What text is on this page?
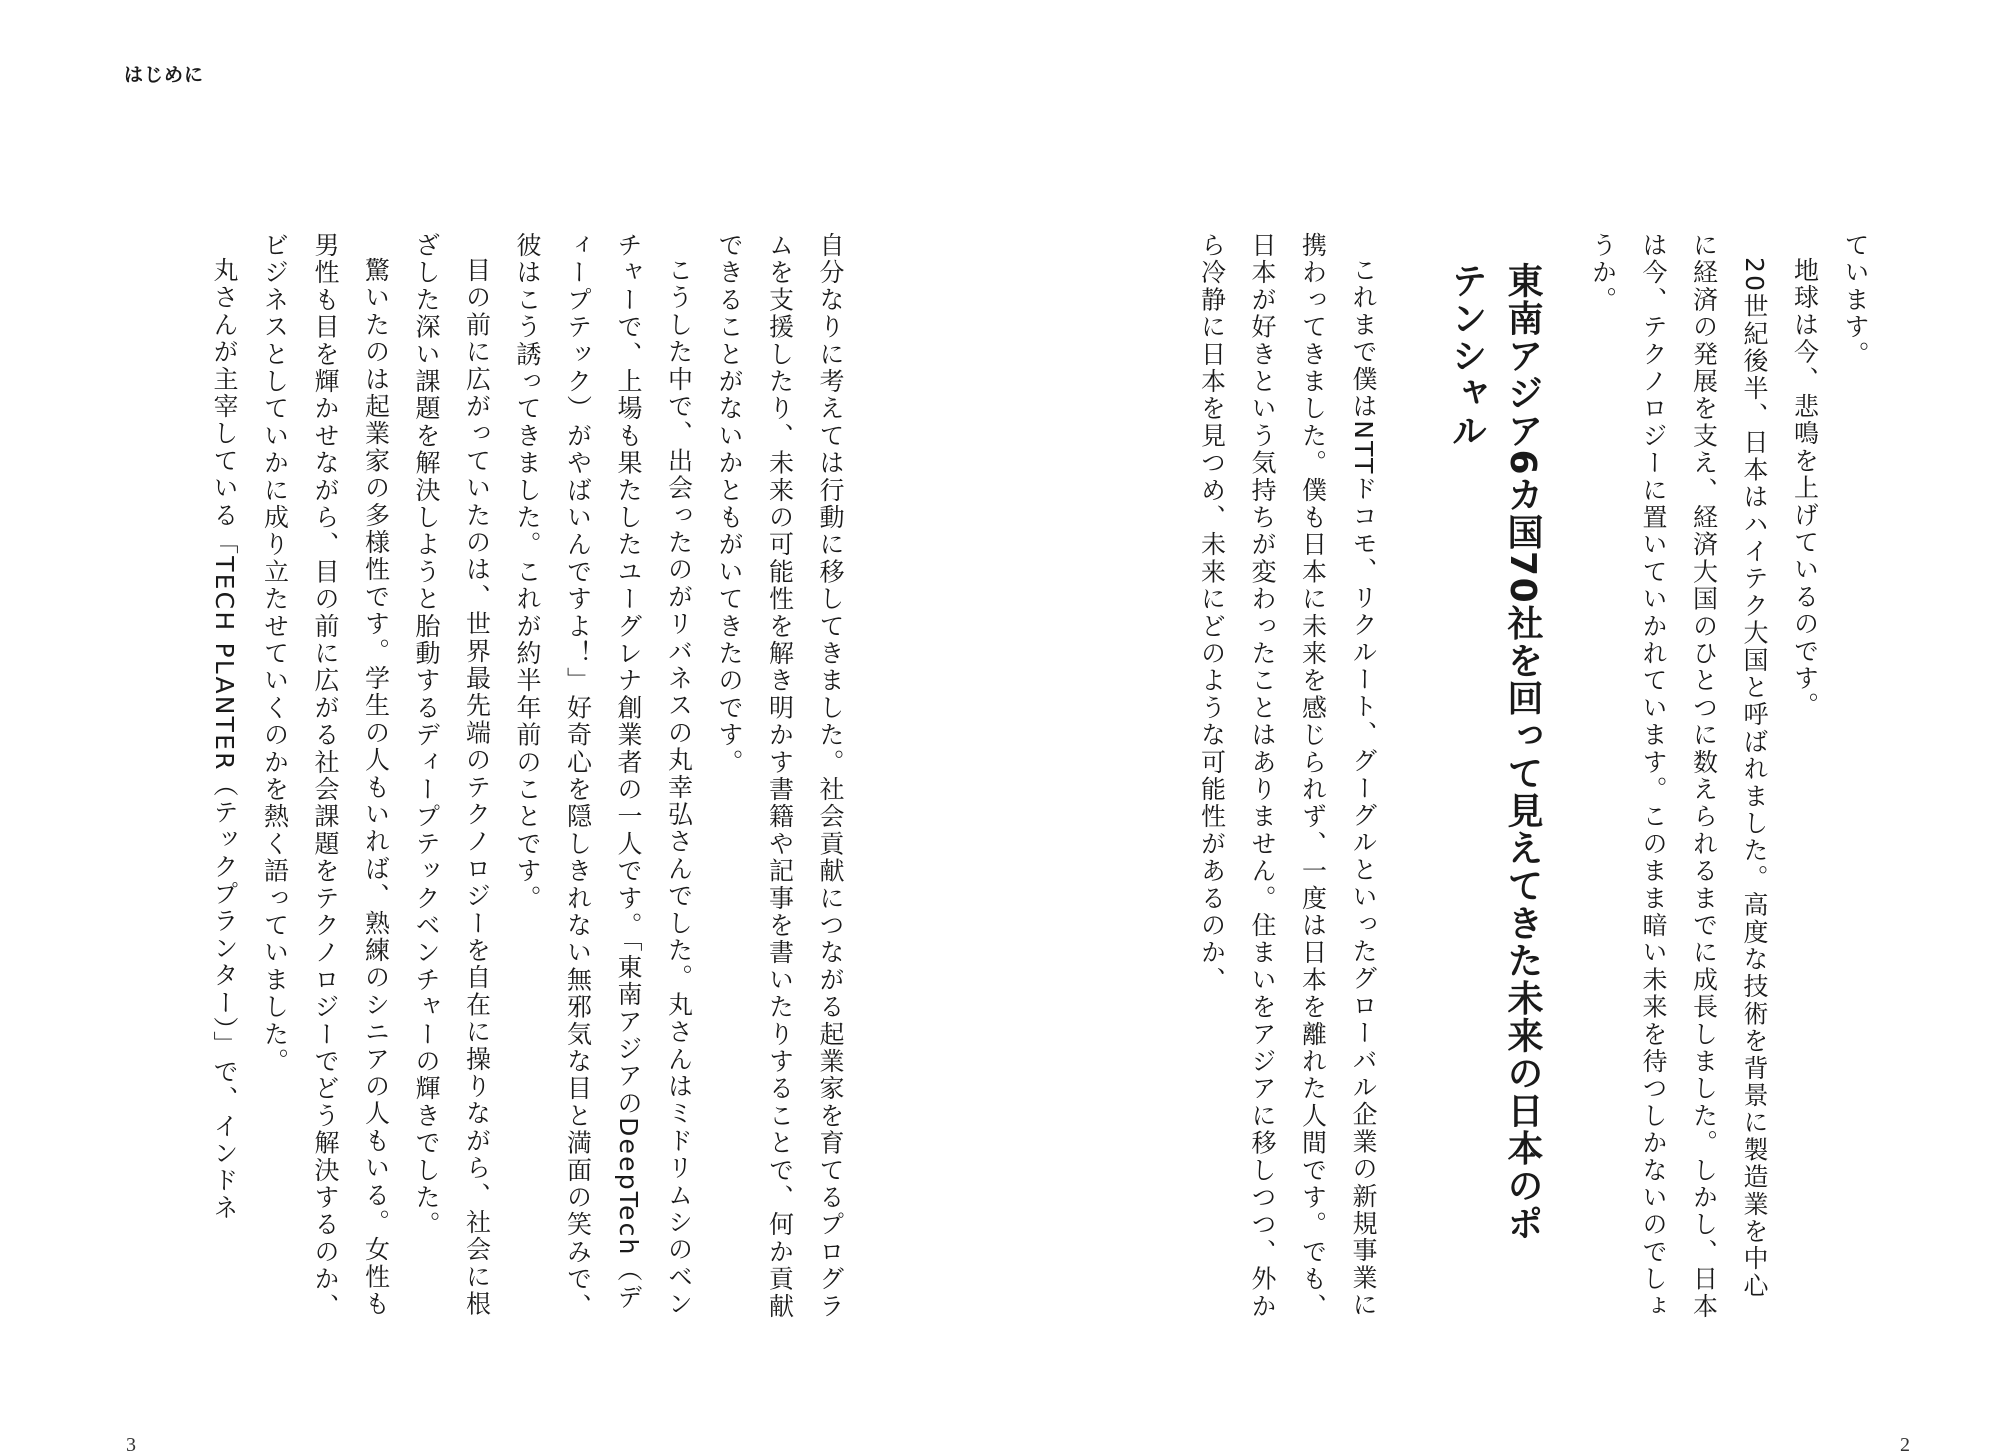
はじめに

ています。

地球は今、悲鳴を上げているのです。

20世紀後半、日本はハイテク大国と呼ばれました。高度な技術を背景に製造業を中心に経済の発展を支え、経済大国のひとつに数えられるまでに成長しました。しかし、日本は今、テクノロジーに置いていかれています。このまま暗い未来を待つしかないのでしょうか。

東南アジア6カ国70社を回って見えてきた未来の日本のポテンシャル

これまで僕はNTTドコモ、リクルート、グーグルといったグローバル企業の新規事業に携わってきました。僕も日本に未来を感じられず、一度は日本を離れた人間です。でも、日本が好きという気持ちが変わったことはありません。住まいをアジアに移しつつ、外から冷静に日本を見つめ、未来にどのような可能性があるのか、

自分なりに考えては行動に移してきました。社会貢献につながる起業家を育てるプログラムを支援したり、未来の可能性を解き明かす書籍や記事を書いたりすることで、何か貢献できることがないかともがいてきたのです。

こうした中で、出会ったのがリバネスの丸幸弘さんでした。丸さんはミドリムシのベンチャーで、上場も果たしたユーグレナ創業者の一人です。「東南アジアのDeepTech（ディープテック）がやばいんですよ！」好奇心を隠しきれない無邪気な目と満面の笑みで、彼はこう誘ってきました。これが約半年前のことです。

目の前に広がっていたのは、世界最先端のテクノロジーを自在に操りながら、社会に根ざした深い課題を解決しようと胎動するディープテックベンチャーの輝きでした。

驚いたのは起業家の多様性です。学生の人もいれば、熟練のシニアの人もいる。女性も男性も目を輝かせながら、目の前に広がる社会課題をテクノロジーでどう解決するのか、ビジネスとしていかに成り立たせていくのかを熱く語っていました。

丸さんが主宰している「TECH PLANTER（テックプランター）」で、インドネ

3	2
